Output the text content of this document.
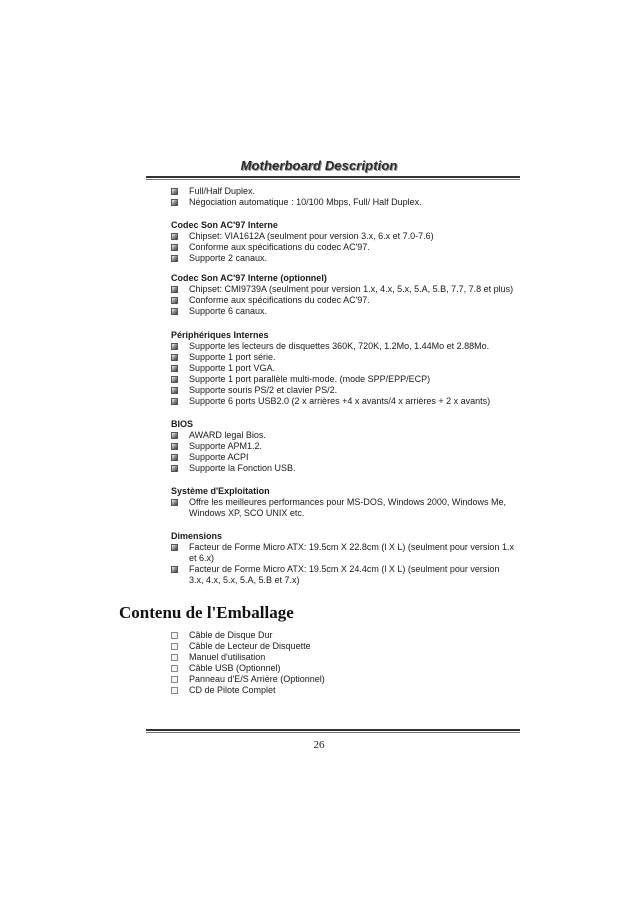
Motherboard Description
Full/Half Duplex.
Négociation automatique : 10/100 Mbps, Full/ Half Duplex.
Codec Son AC'97 Interne
Chipset: VIA1612A (seulment pour version 3.x, 6.x et 7.0-7.6)
Conforme aux spécifications du codec AC'97.
Supporte 2 canaux.
Codec Son AC'97 Interne (optionnel)
Chipset: CMI9739A (seulment pour version 1.x, 4.x, 5.x, 5.A, 5.B, 7.7, 7.8 et plus)
Conforme aux spécifications du codec AC'97.
Supporte 6 canaux.
Périphériques Internes
Supporte les lecteurs de disquettes 360K, 720K, 1.2Mo, 1.44Mo et 2.88Mo.
Supporte 1 port série.
Supporte 1 port VGA.
Supporte 1 port parallèle multi-mode. (mode SPP/EPP/ECP)
Supporte souris PS/2 et clavier PS/2.
Supporte 6 ports USB2.0 (2 x arrières +4 x avants/4 x arrières + 2 x avants)
BIOS
AWARD legal Bios.
Supporte APM1.2.
Supporte ACPI
Supporte la Fonction USB.
Système d'Exploitation
Offre les meilleures performances pour MS-DOS, Windows 2000, Windows Me, Windows XP, SCO UNIX etc.
Dimensions
Facteur de Forme Micro ATX: 19.5cm X 22.8cm (l X L) (seulment pour version 1.x et 6.x)
Facteur de Forme Micro ATX: 19.5cm X 24.4cm (l X L) (seulment pour version 3.x, 4.x, 5.x, 5.A, 5.B et 7.x)
Contenu de l'Emballage
Câble de Disque Dur
Câble de Lecteur de Disquette
Manuel d'utilisation
Câble USB (Optionnel)
Panneau d'E/S Arrière (Optionnel)
CD de Pilote Complet
26
